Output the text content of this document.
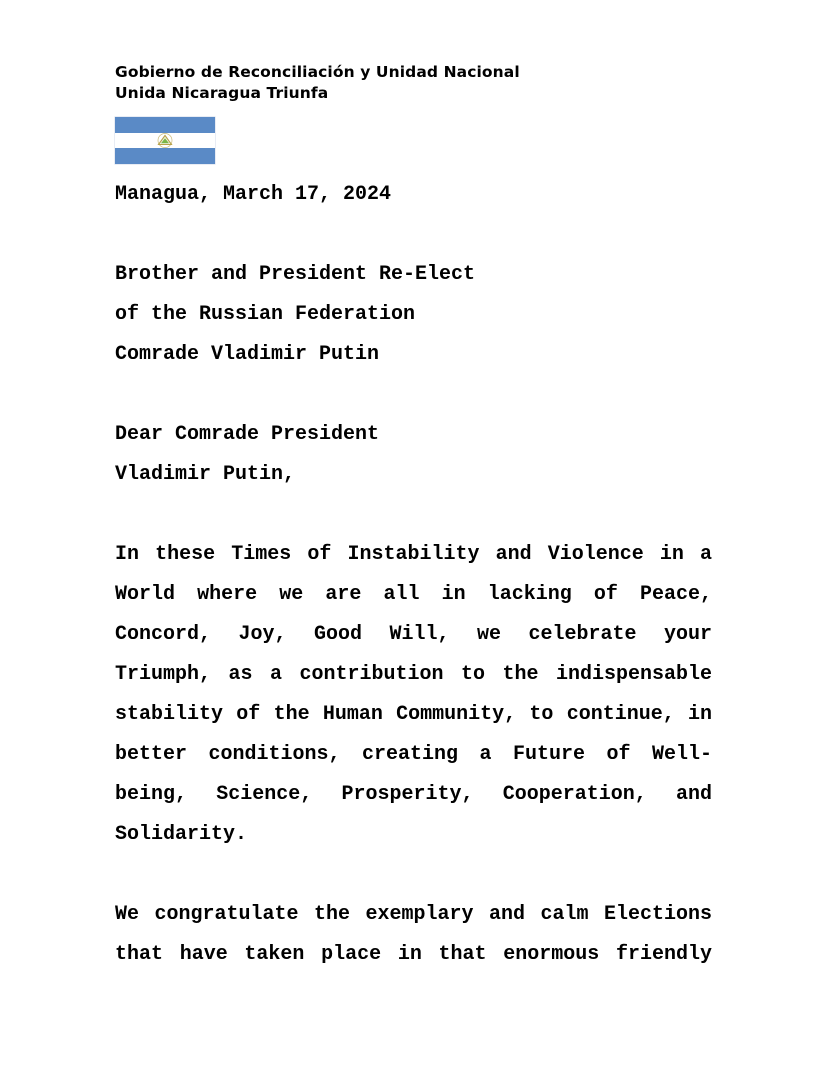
Gobierno de Reconciliación y Unidad Nacional
Unida Nicaragua Triunfa
Managua, March 17, 2024
Brother and President Re-Elect
of the Russian Federation
Comrade Vladimir Putin
Dear Comrade President
Vladimir Putin,
In these Times of Instability and Violence in a
World where we are all in lacking of Peace,
Concord, Joy, Good Will, we celebrate your
Triumph, as a contribution to the indispensable
stability of the Human Community, to continue, in
better conditions, creating a Future of Well-
being, Science, Prosperity, Cooperation, and
Solidarity.
We congratulate the exemplary and calm Elections
that have taken place in that enormous friendly
